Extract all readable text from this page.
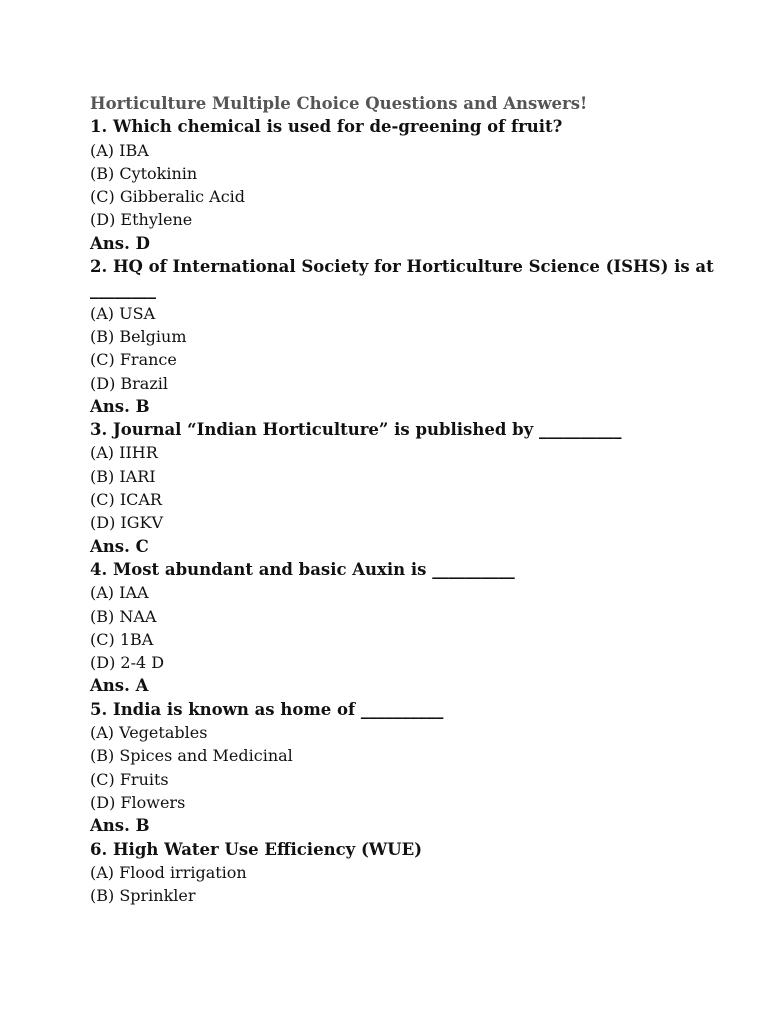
Horticulture Multiple Choice Questions and Answers!
1. Which chemical is used for de-greening of fruit?
(A) IBA
(B) Cytokinin
(C) Gibberalic Acid
(D) Ethylene
Ans. D
2. HQ of International Society for Horticulture Science (ISHS) is at ________
(A) USA
(B) Belgium
(C) France
(D) Brazil
Ans. B
3. Journal “Indian Horticulture” is published by __________
(A) IIHR
(B) IARI
(C) ICAR
(D) IGKV
Ans. C
4. Most abundant and basic Auxin is __________
(A) IAA
(B) NAA
(C) 1BA
(D) 2-4 D
Ans. A
5. India is known as home of __________
(A) Vegetables
(B) Spices and Medicinal
(C) Fruits
(D) Flowers
Ans. B
6. High Water Use Efficiency (WUE)
(A) Flood irrigation
(B) Sprinkler
